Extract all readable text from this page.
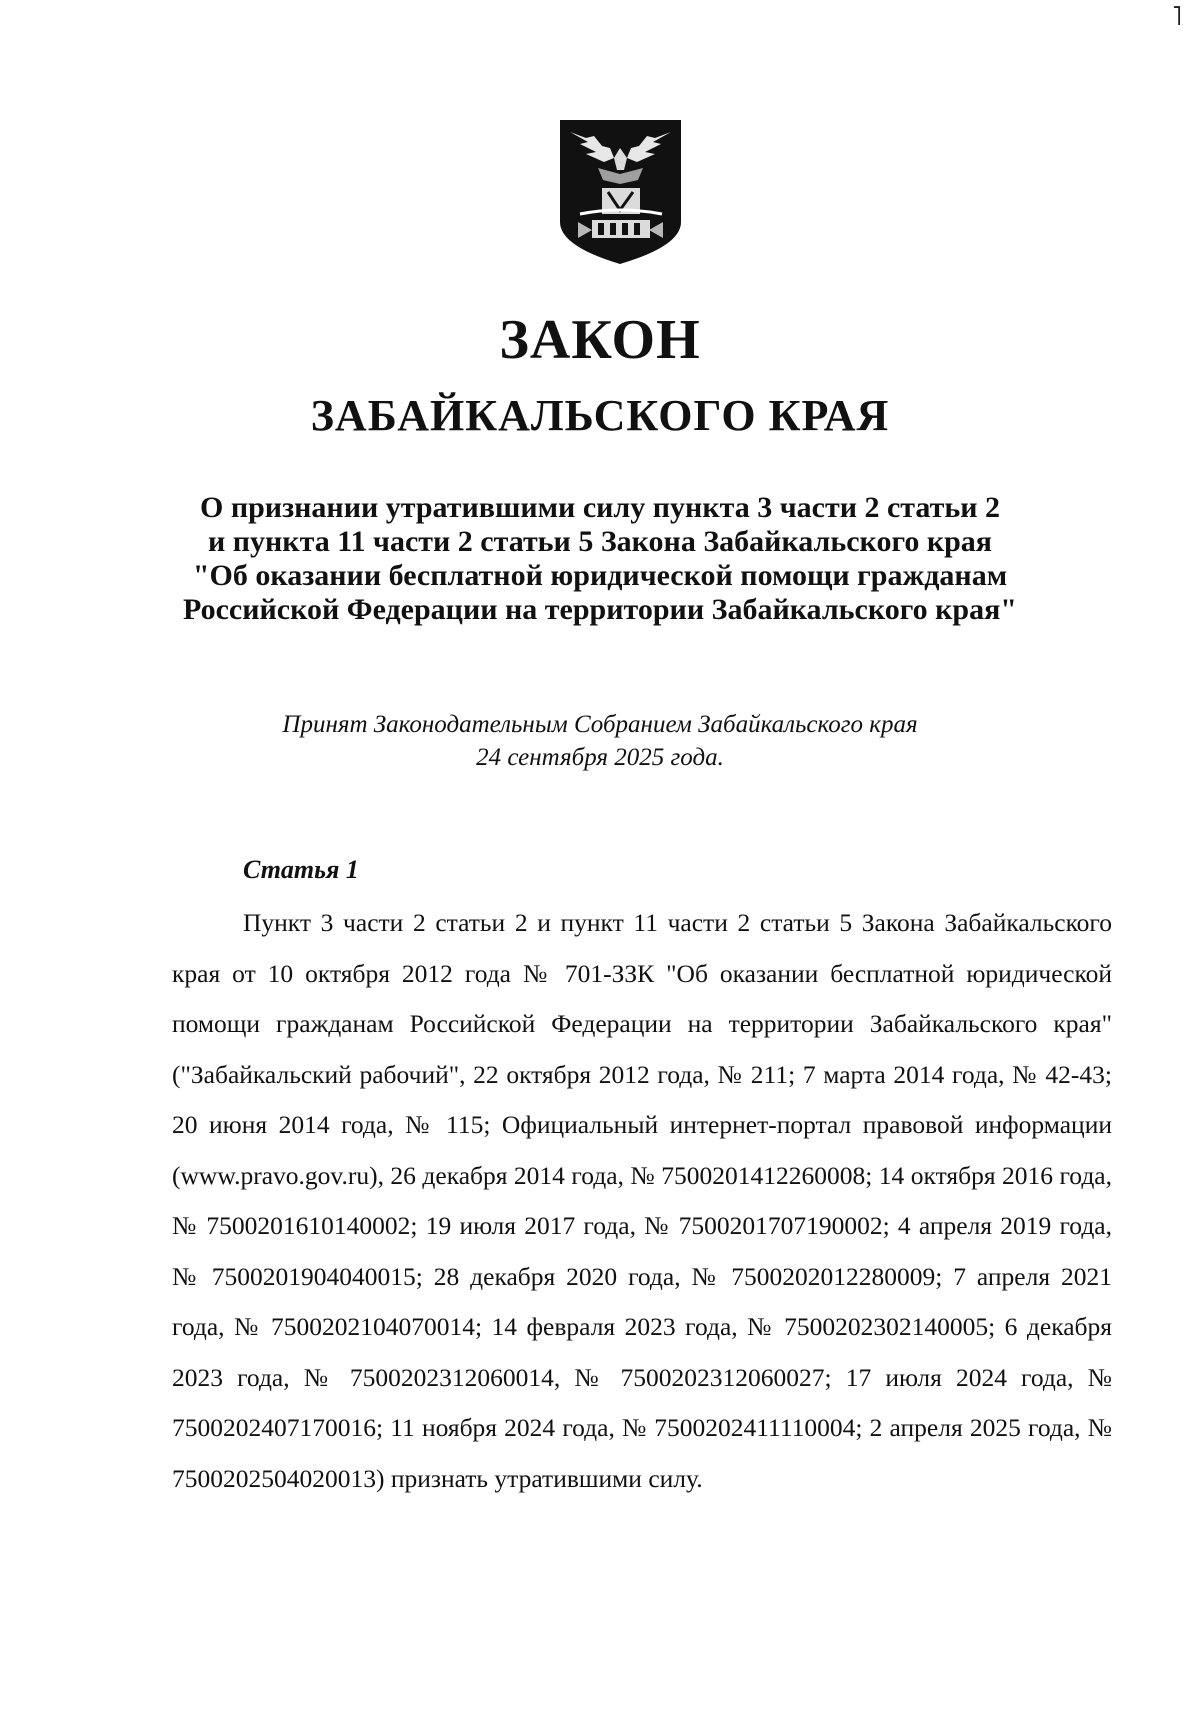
˥
ЗАКОН
ЗАБАЙКАЛЬСКОГО КРАЯ
О признании утратившими силу пункта 3 части 2 статьи 2
и пункта 11 части 2 статьи 5 Закона Забайкальского края
"Об оказании бесплатной юридической помощи гражданам
Российской Федерации на территории Забайкальского края"
Принят Законодательным Собранием Забайкальского края
24 сентября 2025 года.
Статья 1
Пункт 3 части 2 статьи 2 и пункт 11 части 2 статьи 5 Закона Забайкальского края от 10 октября 2012 года № 701-ЗЗК "Об оказании бесплатной юридической помощи гражданам Российской Федерации на территории Забайкальского края" ("Забайкальский рабочий", 22 октября 2012 года, № 211; 7 марта 2014 года, № 42-43; 20 июня 2014 года, № 115; Официальный интернет-портал правовой информации (www.pravo.gov.ru), 26 декабря 2014 года, № 7500201412260008; 14 октября 2016 года, № 7500201610140002; 19 июля 2017 года, № 7500201707190002; 4 апреля 2019 года, № 7500201904040015; 28 декабря 2020 года, № 7500202012280009; 7 апреля 2021 года, № 7500202104070014; 14 февраля 2023 года, № 7500202302140005; 6 декабря 2023 года, № 7500202312060014, № 7500202312060027; 17 июля 2024 года, № 7500202407170016; 11 ноября 2024 года, № 7500202411110004; 2 апреля 2025 года, № 7500202504020013) признать утратившими силу.
